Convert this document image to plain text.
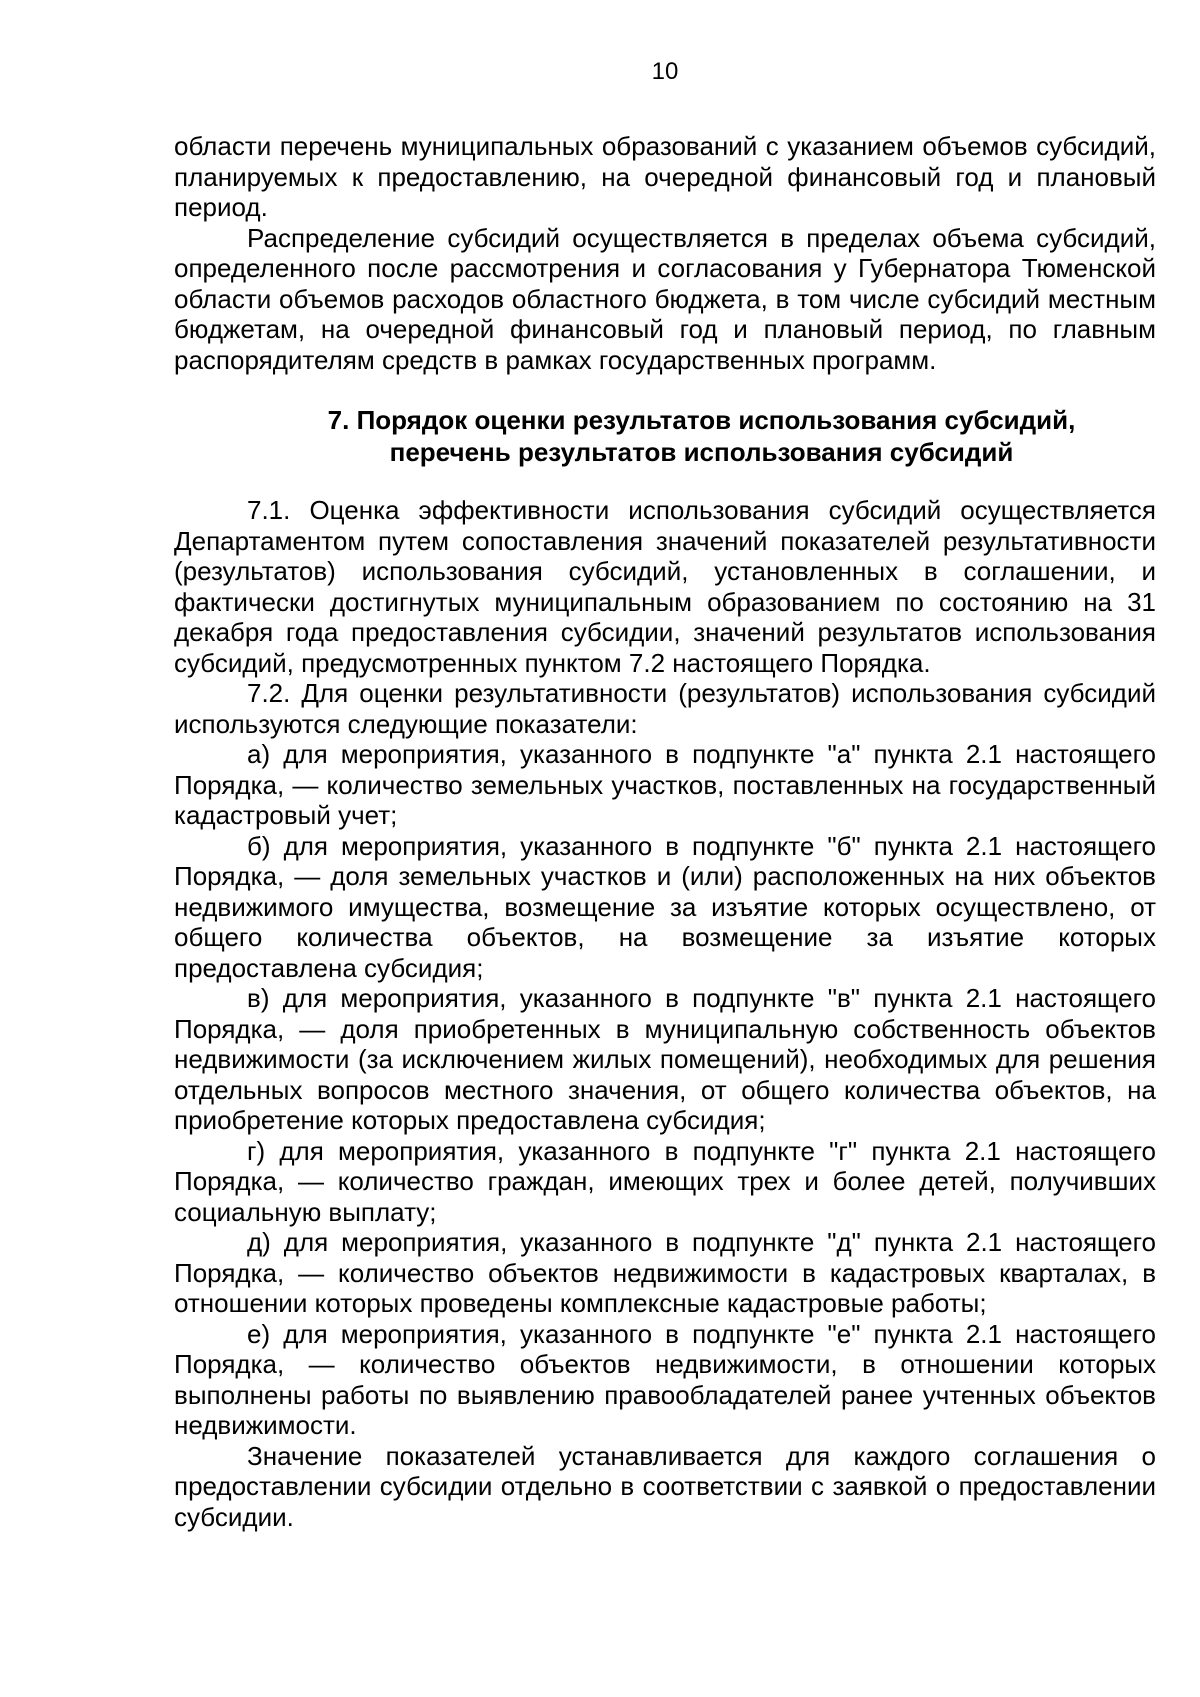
10

области перечень муниципальных образований с указанием объемов субсидий, планируемых к предоставлению, на очередной финансовый год и плановый период.

Распределение субсидий осуществляется в пределах объема субсидий, определенного после рассмотрения и согласования у Губернатора Тюменской области объемов расходов областного бюджета, в том числе субсидий местным бюджетам, на очередной финансовый год и плановый период, по главным распорядителям средств в рамках государственных программ.

7. Порядок оценки результатов использования субсидий,
перечень результатов использования субсидий

7.1. Оценка эффективности использования субсидий осуществляется Департаментом путем сопоставления значений показателей результативности (результатов) использования субсидий, установленных в соглашении, и фактически достигнутых муниципальным образованием по состоянию на 31 декабря года предоставления субсидии, значений результатов использования субсидий, предусмотренных пунктом 7.2 настоящего Порядка.

7.2. Для оценки результативности (результатов) использования субсидий используются следующие показатели:

а) для мероприятия, указанного в подпункте "а" пункта 2.1 настоящего Порядка, — количество земельных участков, поставленных на государственный кадастровый учет;

б) для мероприятия, указанного в подпункте "б" пункта 2.1 настоящего Порядка, — доля земельных участков и (или) расположенных на них объектов недвижимого имущества, возмещение за изъятие которых осуществлено, от общего количества объектов, на возмещение за изъятие которых предоставлена субсидия;

в) для мероприятия, указанного в подпункте "в" пункта 2.1 настоящего Порядка, — доля приобретенных в муниципальную собственность объектов недвижимости (за исключением жилых помещений), необходимых для решения отдельных вопросов местного значения, от общего количества объектов, на приобретение которых предоставлена субсидия;

г) для мероприятия, указанного в подпункте "г" пункта 2.1 настоящего Порядка, — количество граждан, имеющих трех и более детей, получивших социальную выплату;

д) для мероприятия, указанного в подпункте "д" пункта 2.1 настоящего Порядка, — количество объектов недвижимости в кадастровых кварталах, в отношении которых проведены комплексные кадастровые работы;

е) для мероприятия, указанного в подпункте "е" пункта 2.1 настоящего Порядка, — количество объектов недвижимости, в отношении которых выполнены работы по выявлению правообладателей ранее учтенных объектов недвижимости.

Значение показателей устанавливается для каждого соглашения о предоставлении субсидии отдельно в соответствии с заявкой о предоставлении субсидии.
